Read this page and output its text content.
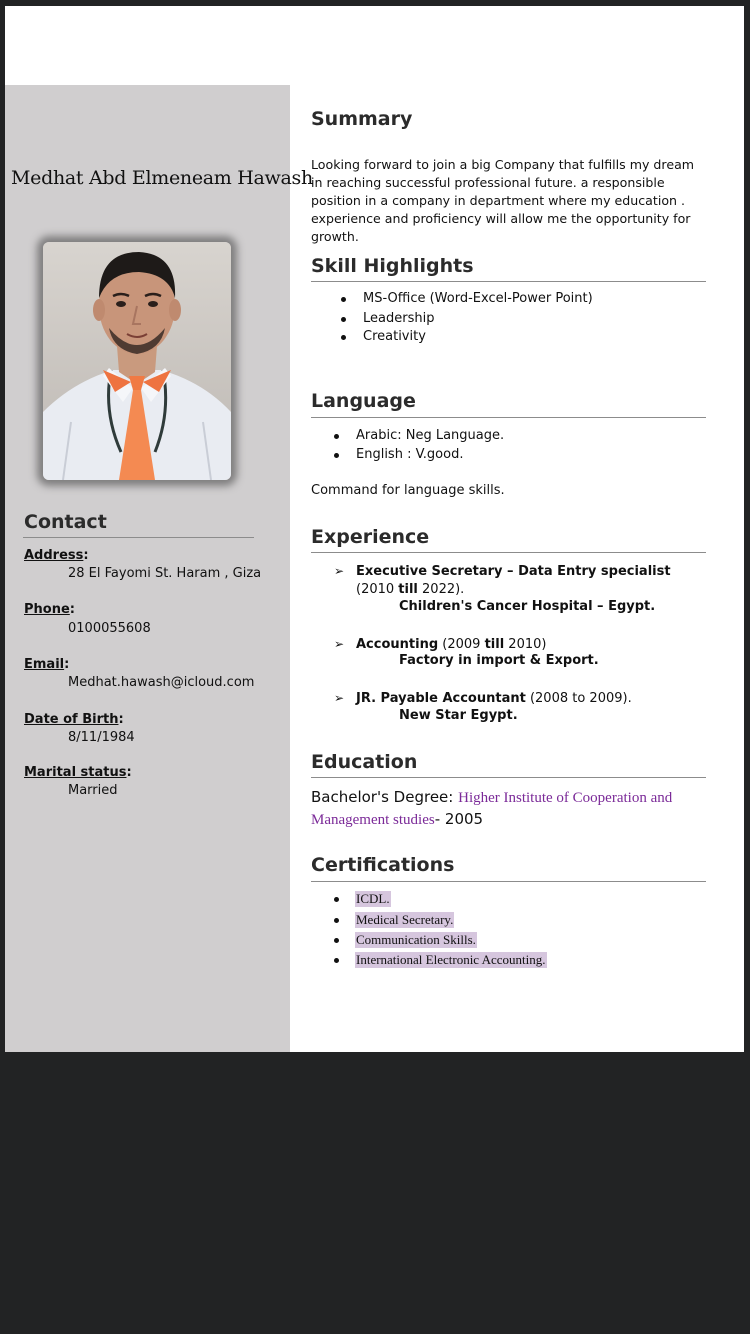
Medhat Abd Elmeneam Hawash
Contact
Address:
28 El Fayomi St. Haram , Giza
Phone:
0100055608
Email:
Medhat.hawash@icloud.com
Date of Birth:
8/11/1984
Marital status:
Married
Summary
Looking forward to join a big Company that fulfills my dream in reaching successful professional future. a responsible position in a company in department where my education . experience and proficiency will allow me the opportunity for growth.
Skill Highlights
MS-Office (Word-Excel-Power Point)
Leadership
Creativity
Language
Arabic: Neg Language.
English : V.good.
Command for language skills.
Experience
➢ Executive Secretary – Data Entry specialist (2010 till 2022).
Children's Cancer Hospital – Egypt.
➢ Accounting (2009 till 2010)
Factory in import & Export.
➢ JR. Payable Accountant (2008 to 2009).
New Star Egypt.
Education
Bachelor's Degree: Higher Institute of Cooperation and Management studies- 2005
Certifications
ICDL.
Medical Secretary.
Communication Skills.
International Electronic Accounting.
